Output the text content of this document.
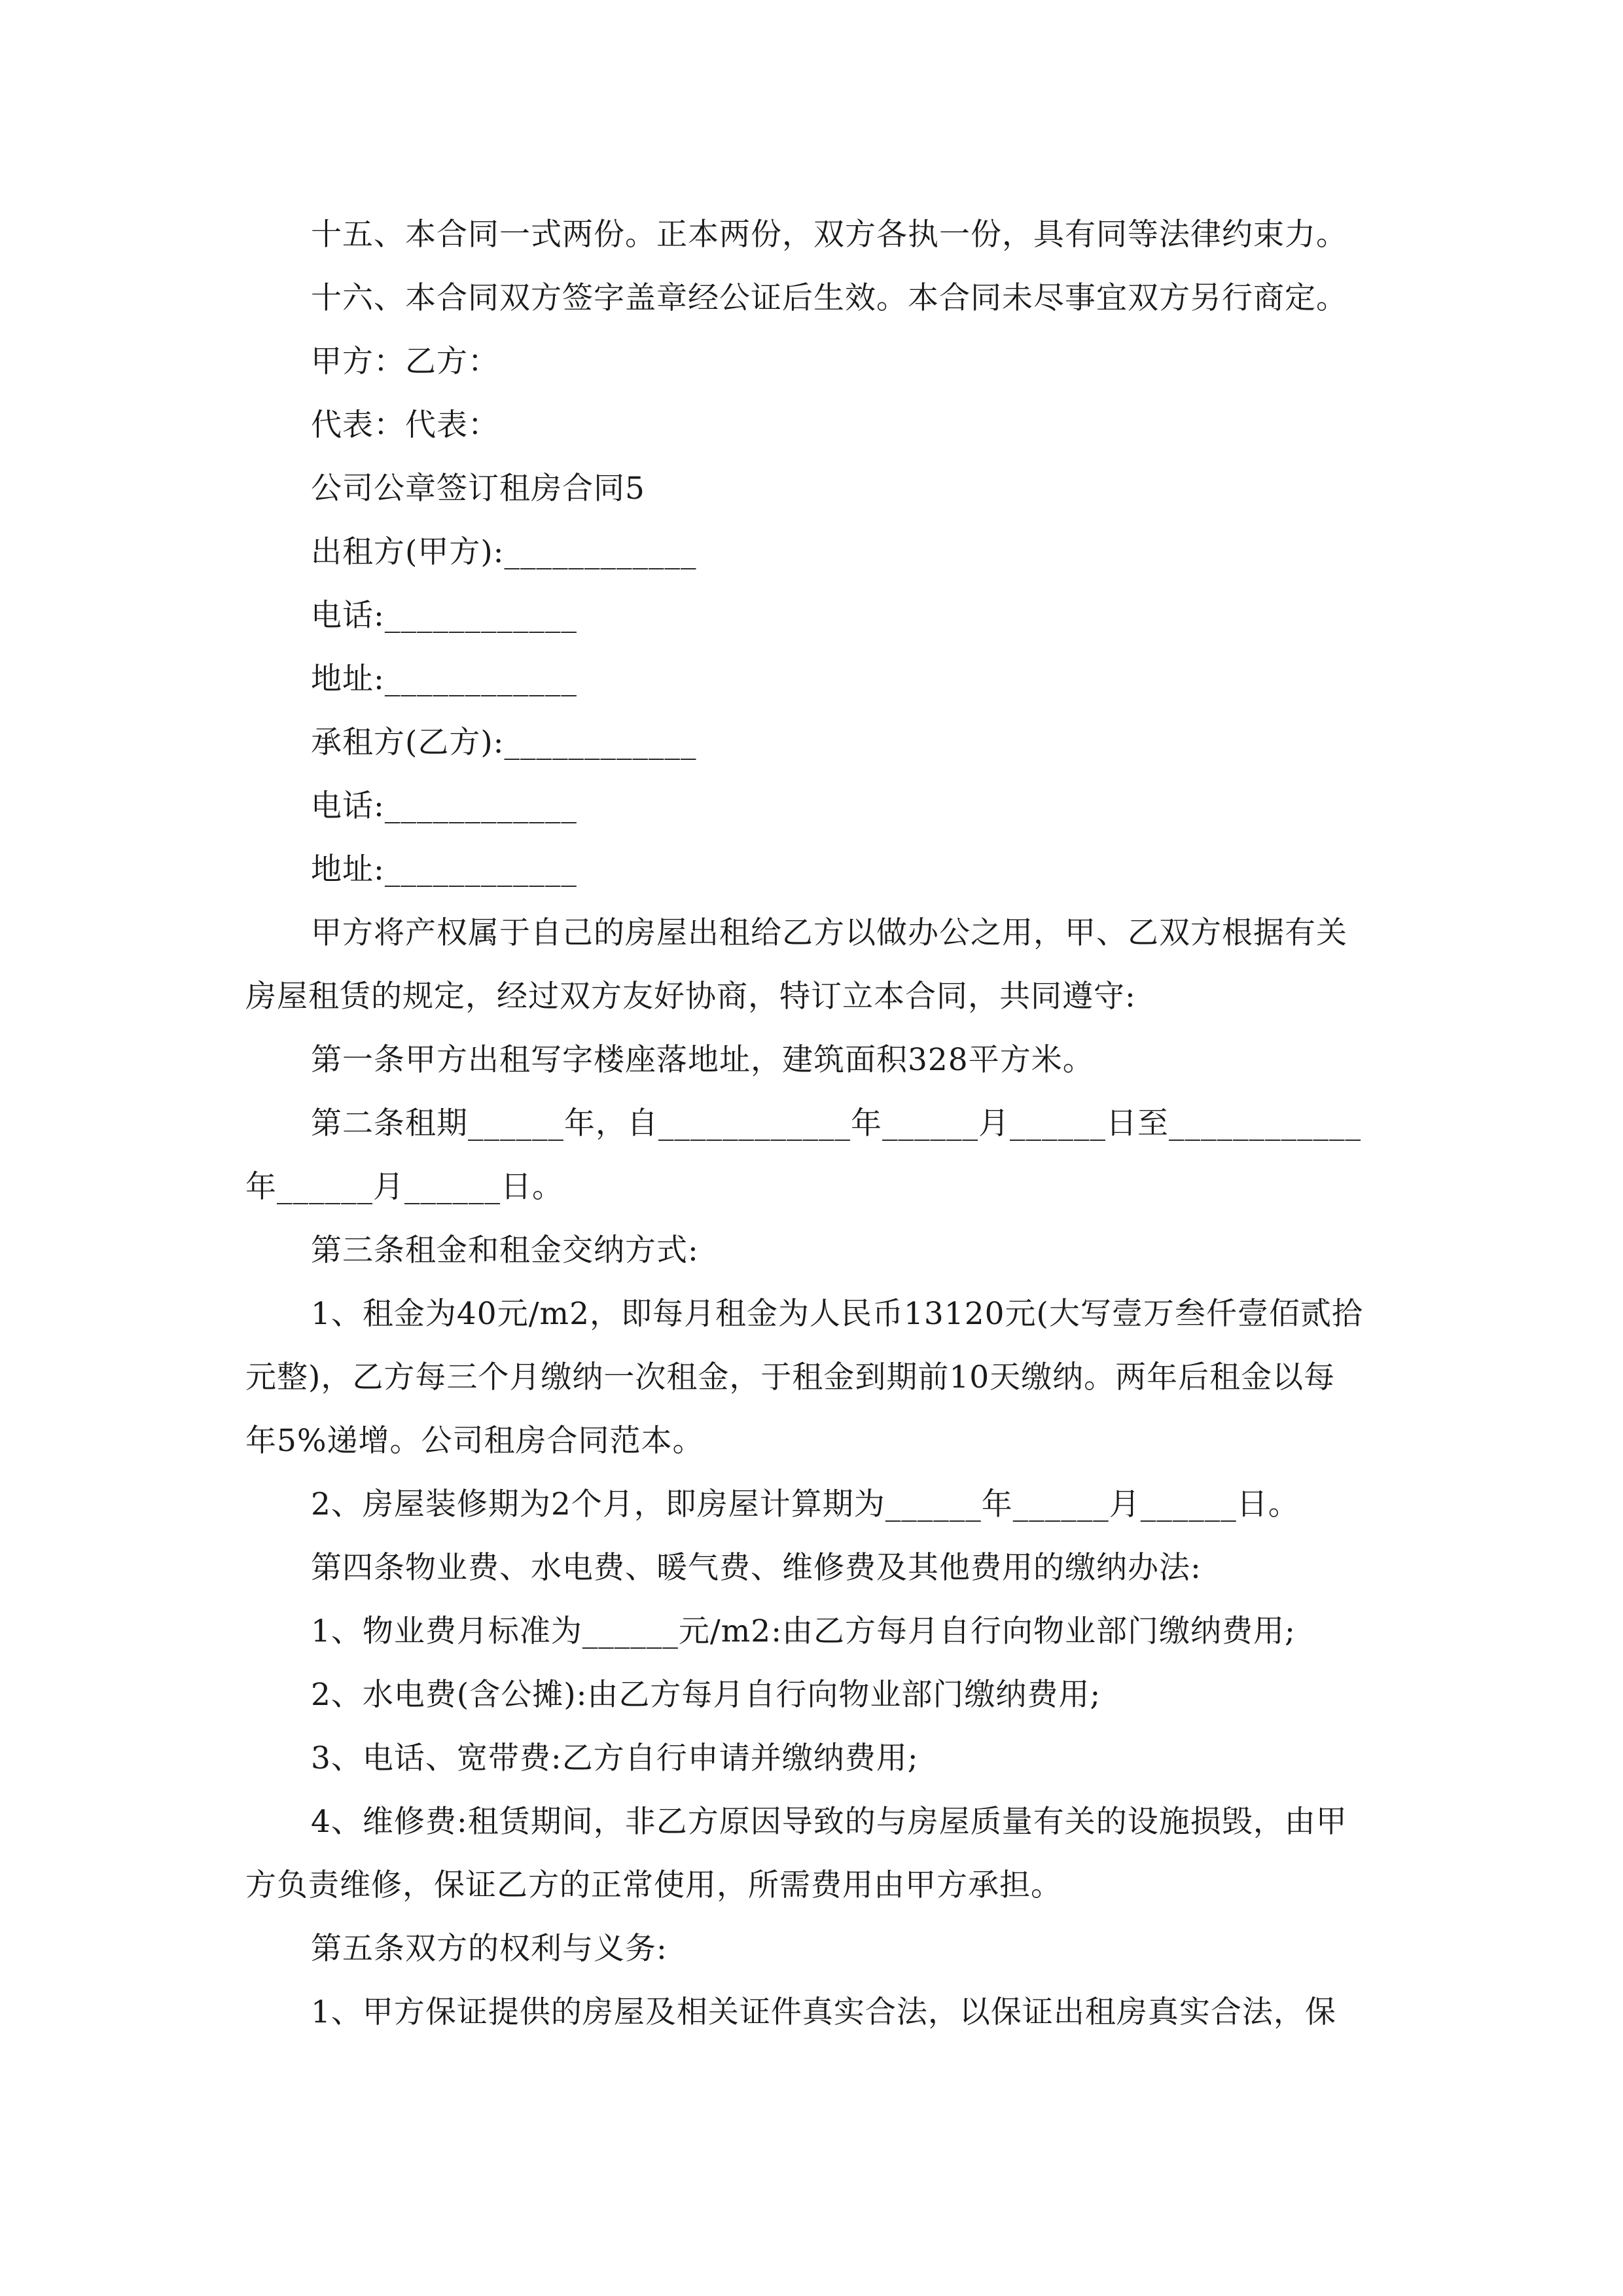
十五、本合同一式两份。正本两份，双方各执一份，具有同等法律约束力。
十六、本合同双方签字盖章经公证后生效。本合同未尽事宜双方另行商定。
甲方：乙方：
代表：代表：
公司公章签订租房合同5
出租方(甲方):____________
电话:____________
地址:____________
承租方(乙方):____________
电话:____________
地址:____________
甲方将产权属于自己的房屋出租给乙方以做办公之用，甲、乙双方根据有关
房屋租赁的规定，经过双方友好协商，特订立本合同，共同遵守:
第一条甲方出租写字楼座落地址，建筑面积328平方米。
第二条租期______年，自____________年______月______日至____________
年______月______日。
第三条租金和租金交纳方式:
1、租金为40元/m2，即每月租金为人民币13120元(大写壹万叁仟壹佰贰拾
元整)，乙方每三个月缴纳一次租金，于租金到期前10天缴纳。两年后租金以每
年5%递增。公司租房合同范本。
2、房屋装修期为2个月，即房屋计算期为______年______月______日。
第四条物业费、水电费、暖气费、维修费及其他费用的缴纳办法:
1、物业费月标准为______元/m2:由乙方每月自行向物业部门缴纳费用;
2、水电费(含公摊):由乙方每月自行向物业部门缴纳费用;
3、电话、宽带费:乙方自行申请并缴纳费用;
4、维修费:租赁期间，非乙方原因导致的与房屋质量有关的设施损毁，由甲
方负责维修，保证乙方的正常使用，所需费用由甲方承担。
第五条双方的权利与义务:
1、甲方保证提供的房屋及相关证件真实合法，以保证出租房真实合法，保
